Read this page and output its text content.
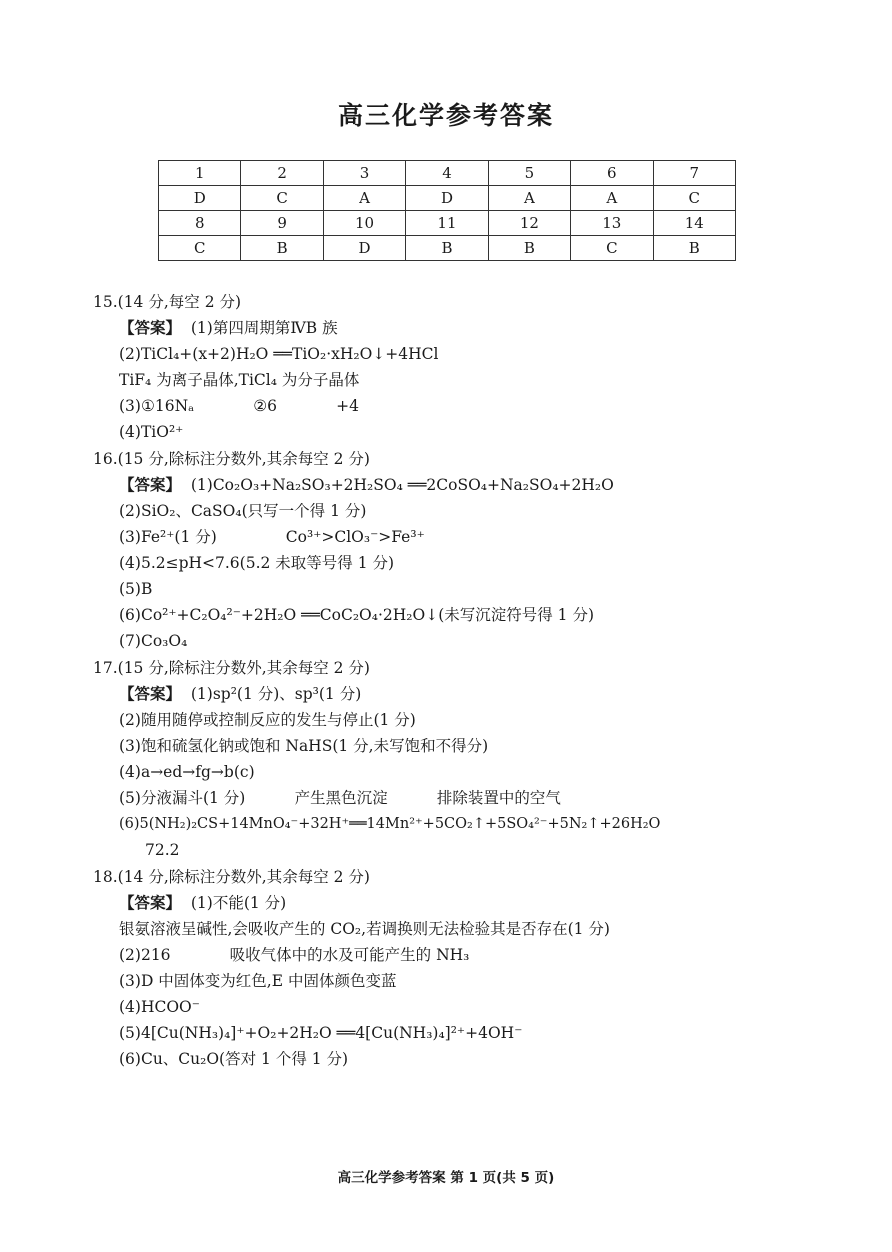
高三化学参考答案
1	2	3	4	5	6	7
D	C	A	D	A	A	C
8	9	10	11	12	13	14
C	B	D	B	B	C	B
15.(14 分,每空 2 分)
【答案】  (1)第四周期第ⅣB 族
(2)TiCl₄+(x+2)H₂O ══TiO₂·xH₂O↓+4HCl
TiF₄ 为离子晶体,TiCl₄ 为分子晶体
(3)①16Nₐ            ②6            +4
(4)TiO²⁺
16.(15 分,除标注分数外,其余每空 2 分)
【答案】  (1)Co₂O₃+Na₂SO₃+2H₂SO₄ ══2CoSO₄+Na₂SO₄+2H₂O
(2)SiO₂、CaSO₄(只写一个得 1 分)
(3)Fe²⁺(1 分)              Co³⁺>ClO₃⁻>Fe³⁺
(4)5.2≤pH<7.6(5.2 未取等号得 1 分)
(5)B
(6)Co²⁺+C₂O₄²⁻+2H₂O ══CoC₂O₄·2H₂O↓(未写沉淀符号得 1 分)
(7)Co₃O₄
17.(15 分,除标注分数外,其余每空 2 分)
【答案】  (1)sp²(1 分)、sp³(1 分)
(2)随用随停或控制反应的发生与停止(1 分)
(3)饱和硫氢化钠或饱和 NaHS(1 分,未写饱和不得分)
(4)a→ed→fg→b(c)
(5)分液漏斗(1 分)          产生黑色沉淀          排除装置中的空气
(6)5(NH₂)₂CS+14MnO₄⁻+32H⁺══14Mn²⁺+5CO₂↑+5SO₄²⁻+5N₂↑+26H₂O
72.2
18.(14 分,除标注分数外,其余每空 2 分)
【答案】  (1)不能(1 分)
银氨溶液呈碱性,会吸收产生的 CO₂,若调换则无法检验其是否存在(1 分)
(2)216            吸收气体中的水及可能产生的 NH₃
(3)D 中固体变为红色,E 中固体颜色变蓝
(4)HCOO⁻
(5)4[Cu(NH₃)₄]⁺+O₂+2H₂O ══4[Cu(NH₃)₄]²⁺+4OH⁻
(6)Cu、Cu₂O(答对 1 个得 1 分)
高三化学参考答案 第 1 页(共 5 页)
